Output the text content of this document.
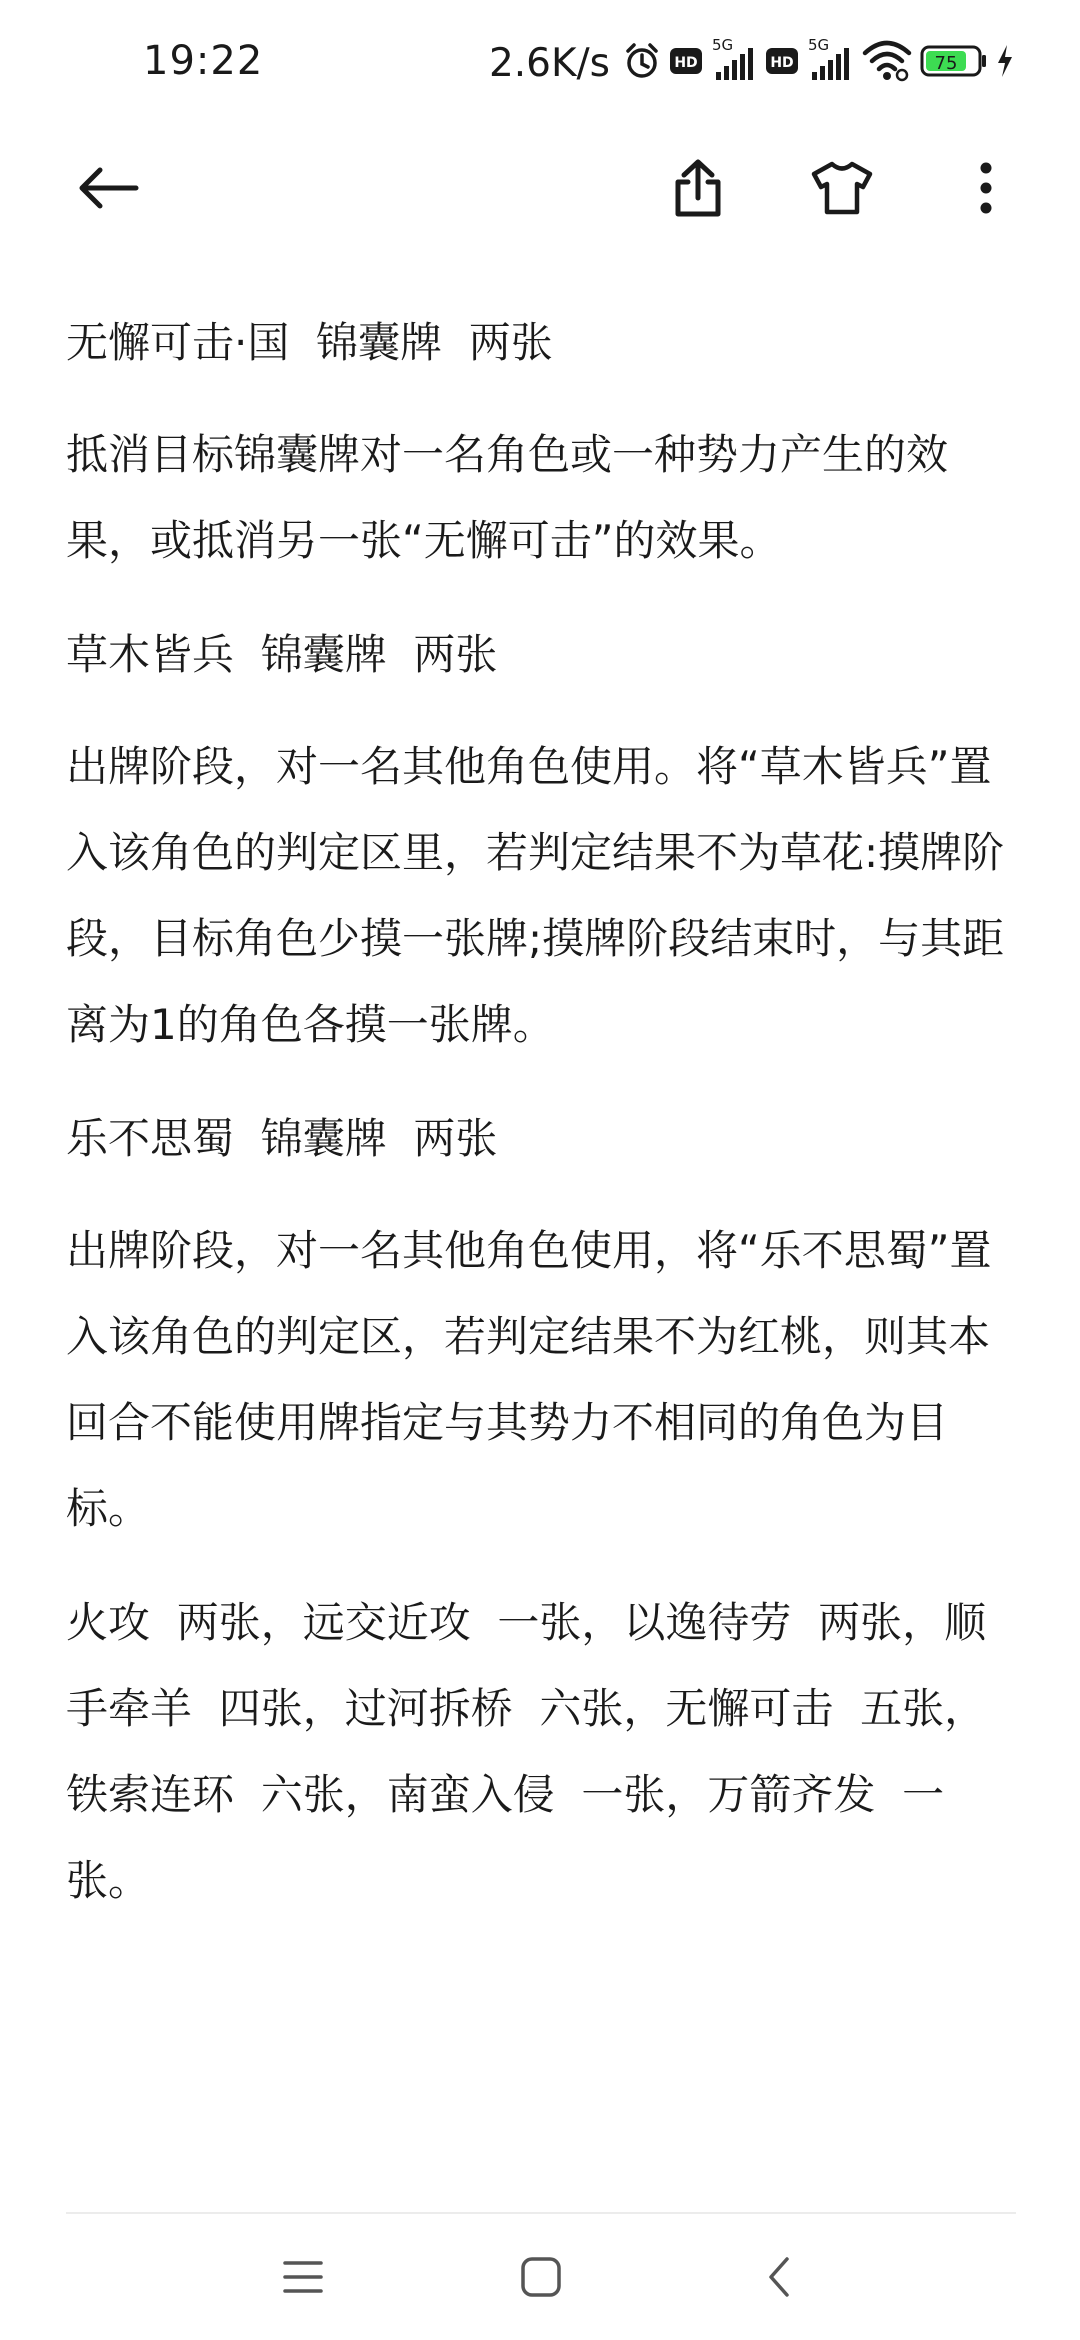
19:22	2.6K/s	HD
5G
HD
5G
75

无懈可击·国  锦囊牌  两张

抵消目标锦囊牌对一名角色或一种势力产生的效果，或抵消另一张“无懈可击”的效果。

草木皆兵  锦囊牌  两张

出牌阶段，对一名其他角色使用。将“草木皆兵”置入该角色的判定区里，若判定结果不为草花:摸牌阶段，目标角色少摸一张牌;摸牌阶段结束时，与其距离为1的角色各摸一张牌。

乐不思蜀  锦囊牌  两张

出牌阶段，对一名其他角色使用，将“乐不思蜀”置入该角色的判定区，若判定结果不为红桃，则其本回合不能使用牌指定与其势力不相同的角色为目标。

火攻  两张，远交近攻  一张，以逸待劳  两张，顺手牵羊  四张，过河拆桥  六张，无懈可击  五张，铁索连环  六张，南蛮入侵  一张，万箭齐发  一张。
